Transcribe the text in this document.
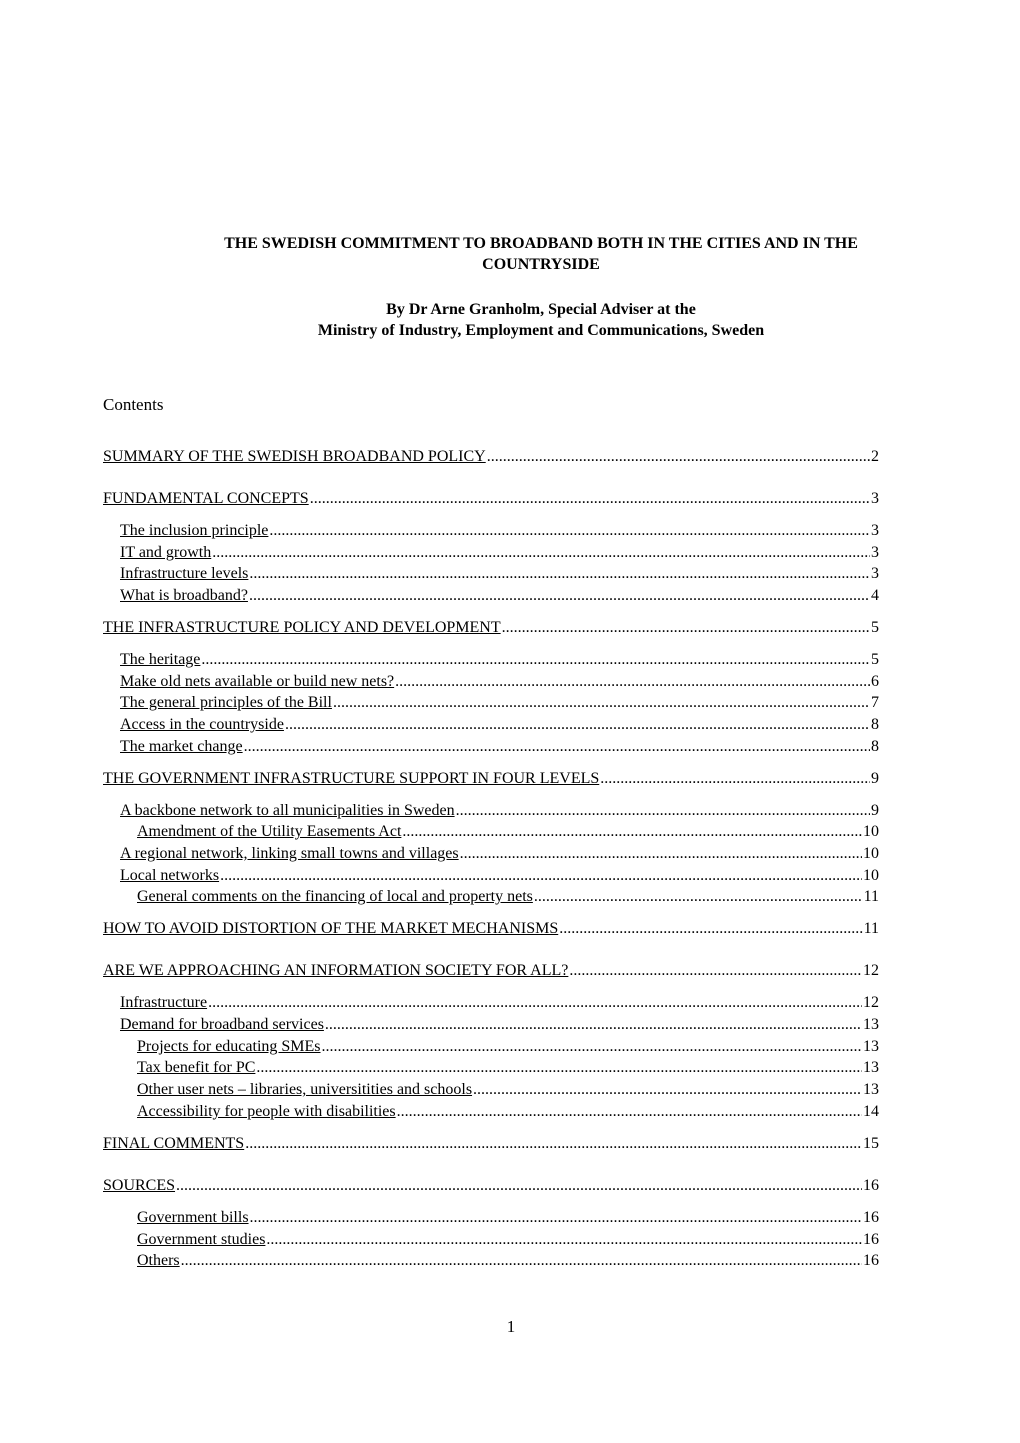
THE SWEDISH COMMITMENT TO BROADBAND BOTH IN THE CITIES AND IN THE
COUNTRYSIDE
By Dr Arne Granholm, Special Adviser at the
Ministry of Industry, Employment and Communications, Sweden
Contents
SUMMARY OF THE SWEDISH BROADBAND POLICY .....	2
FUNDAMENTAL CONCEPTS .....	3
The inclusion principle .....	3
IT and growth .....	3
Infrastructure levels .....	3
What is broadband? .....	4
THE INFRASTRUCTURE POLICY AND DEVELOPMENT .....	5
The heritage .....	5
Make old nets available or build new nets? .....	6
The general principles of the Bill .....	7
Access in the countryside .....	8
The market change .....	8
THE GOVERNMENT INFRASTRUCTURE SUPPORT IN FOUR LEVELS .....	9
A backbone network to all municipalities in Sweden .....	9
Amendment of the Utility Easements Act .....	10
A regional network, linking small towns and villages .....	10
Local networks .....	10
General comments on the financing of local and property nets .....	11
HOW TO AVOID DISTORTION OF THE MARKET MECHANISMS .....	11
ARE WE APPROACHING AN INFORMATION SOCIETY FOR ALL? .....	12
Infrastructure .....	12
Demand for broadband services .....	13
Projects for educating SMEs .....	13
Tax benefit for PC .....	13
Other user nets – libraries, universitities and schools .....	13
Accessibility for people with disabilities .....	14
FINAL COMMENTS .....	15
SOURCES .....	16
Government bills .....	16
Government studies .....	16
Others .....	16
1
